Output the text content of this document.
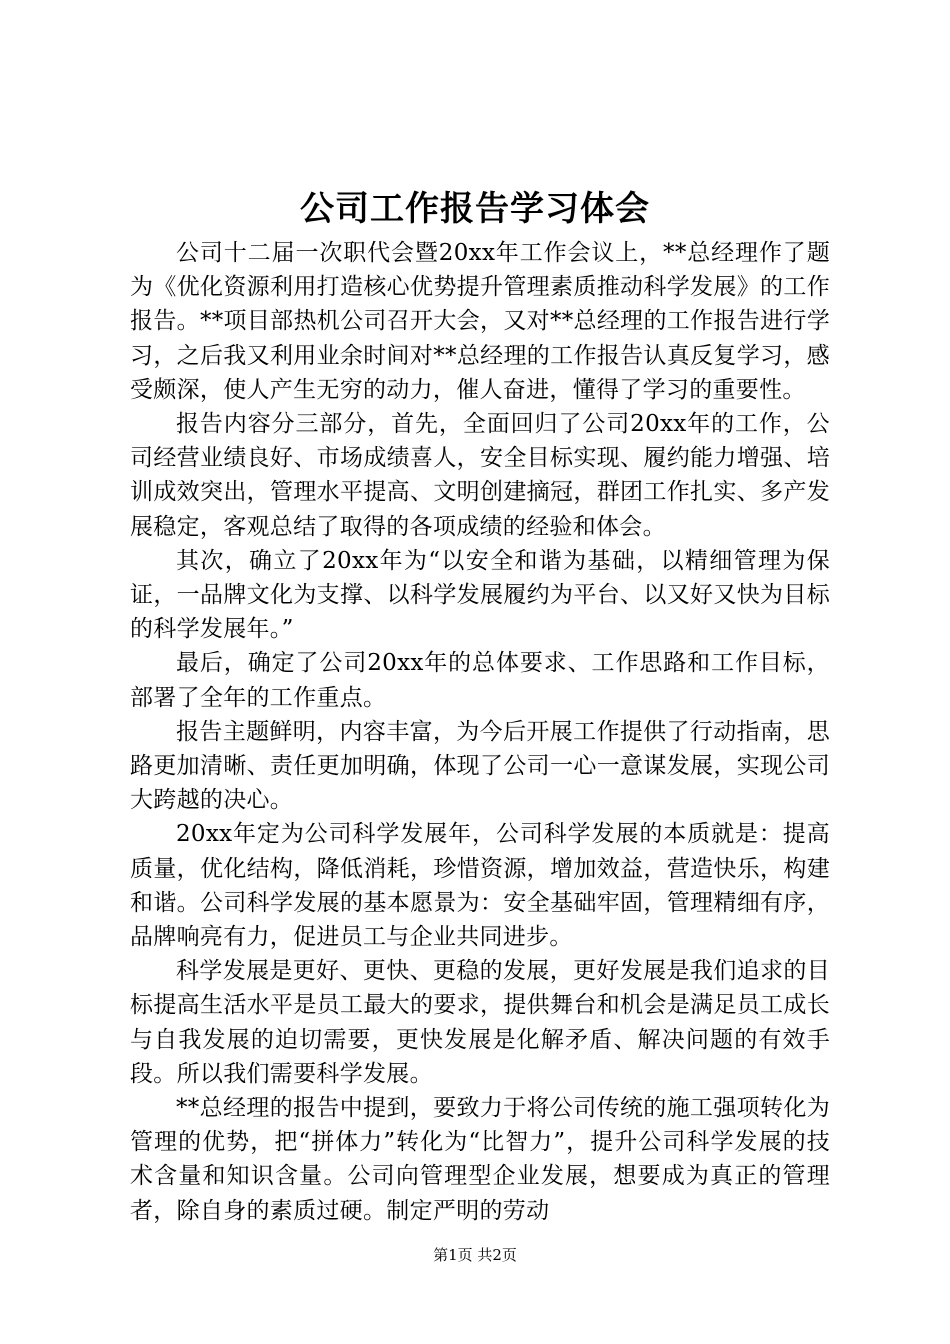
公司工作报告学习体会

公司十二届一次职代会暨20xx年工作会议上，**总经理作了题为《优化资源利用打造核心优势提升管理素质推动科学发展》的工作报告。**项目部热机公司召开大会，又对**总经理的工作报告进行学习，之后我又利用业余时间对**总经理的工作报告认真反复学习，感受颇深，使人产生无穷的动力，催人奋进，懂得了学习的重要性。

报告内容分三部分，首先，全面回归了公司20xx年的工作，公司经营业绩良好、市场成绩喜人，安全目标实现、履约能力增强、培训成效突出，管理水平提高、文明创建摘冠，群团工作扎实、多产发展稳定，客观总结了取得的各项成绩的经验和体会。

其次，确立了20xx年为“以安全和谐为基础，以精细管理为保证，一品牌文化为支撑、以科学发展履约为平台、以又好又快为目标的科学发展年。”

最后，确定了公司20xx年的总体要求、工作思路和工作目标，部署了全年的工作重点。

报告主题鲜明，内容丰富，为今后开展工作提供了行动指南，思路更加清晰、责任更加明确，体现了公司一心一意谋发展，实现公司大跨越的决心。

20xx年定为公司科学发展年，公司科学发展的本质就是：提高质量，优化结构，降低消耗，珍惜资源，增加效益，营造快乐，构建和谐。公司科学发展的基本愿景为：安全基础牢固，管理精细有序，品牌响亮有力，促进员工与企业共同进步。

科学发展是更好、更快、更稳的发展，更好发展是我们追求的目标提高生活水平是员工最大的要求，提供舞台和机会是满足员工成长与自我发展的迫切需要，更快发展是化解矛盾、解决问题的有效手段。所以我们需要科学发展。

**总经理的报告中提到，要致力于将公司传统的施工强项转化为管理的优势，把“拼体力”转化为“比智力”，提升公司科学发展的技术含量和知识含量。公司向管理型企业发展，想要成为真正的管理者，除自身的素质过硬。制定严明的劳动

第1页 共2页
